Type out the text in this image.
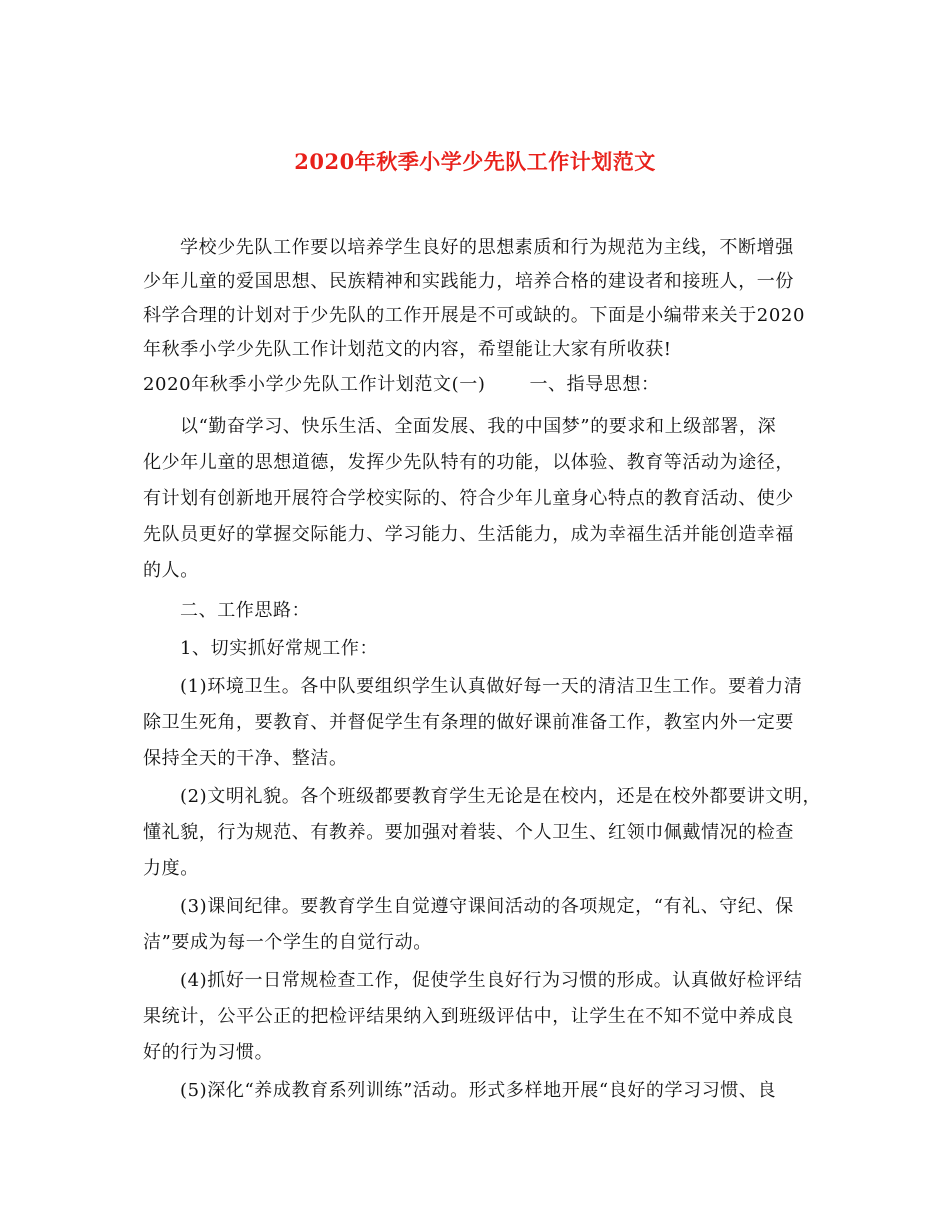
2020年秋季小学少先队工作计划范文
学校少先队工作要以培养学生良好的思想素质和行为规范为主线，不断增强
少年儿童的爱国思想、民族精神和实践能力，培养合格的建设者和接班人，一份
科学合理的计划对于少先队的工作开展是不可或缺的。下面是小编带来关于2020
年秋季小学少先队工作计划范文的内容，希望能让大家有所收获!
2020年秋季小学少先队工作计划范文(一) 一、指导思想：
以“勤奋学习、快乐生活、全面发展、我的中国梦”的要求和上级部署，深
化少年儿童的思想道德，发挥少先队特有的功能，以体验、教育等活动为途径，
有计划有创新地开展符合学校实际的、符合少年儿童身心特点的教育活动、使少
先队员更好的掌握交际能力、学习能力、生活能力，成为幸福生活并能创造幸福
的人。
二、工作思路：
1、切实抓好常规工作：
(1)环境卫生。各中队要组织学生认真做好每一天的清洁卫生工作。要着力清
除卫生死角，要教育、并督促学生有条理的做好课前准备工作，教室内外一定要
保持全天的干净、整洁。
(2)文明礼貌。各个班级都要教育学生无论是在校内，还是在校外都要讲文明，
懂礼貌，行为规范、有教养。要加强对着装、个人卫生、红领巾佩戴情况的检查
力度。
(3)课间纪律。要教育学生自觉遵守课间活动的各项规定，“有礼、守纪、保
洁”要成为每一个学生的自觉行动。
(4)抓好一日常规检查工作，促使学生良好行为习惯的形成。认真做好检评结
果统计，公平公正的把检评结果纳入到班级评估中，让学生在不知不觉中养成良
好的行为习惯。
(5)深化“养成教育系列训练”活动。形式多样地开展“良好的学习习惯、良
